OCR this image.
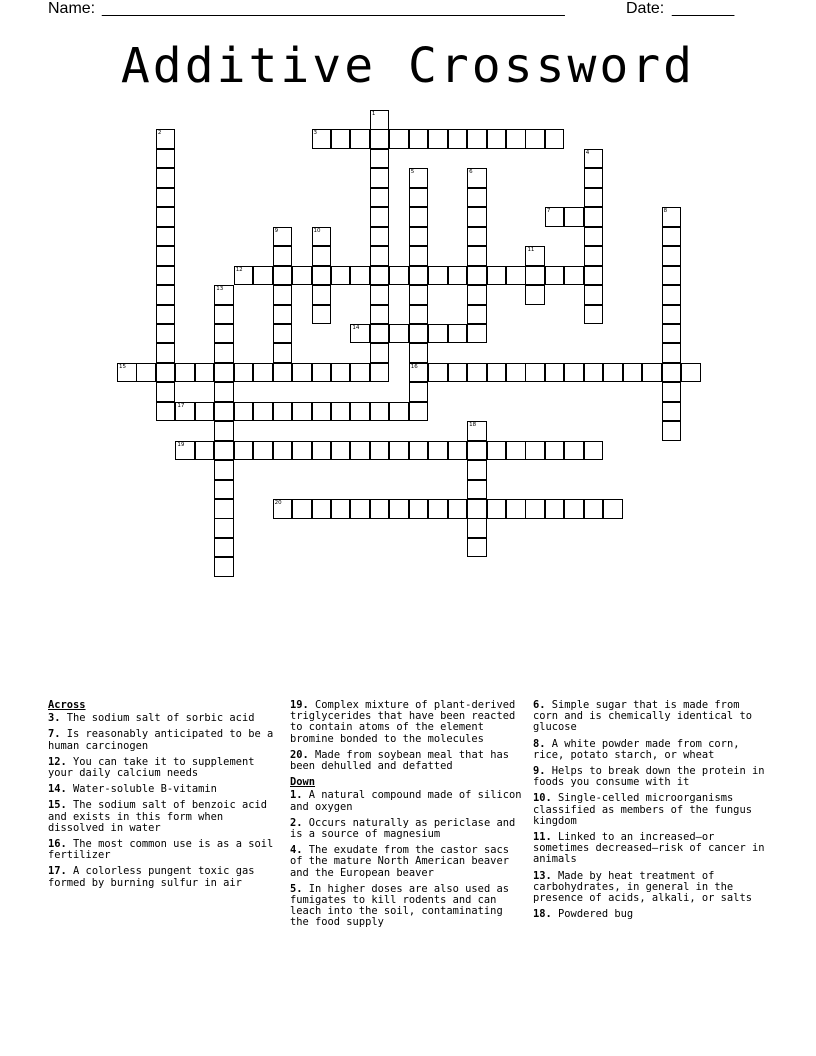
Name: ____________________________________________________	Date: _______
Additive Crossword
1
2	3
4
5
16
6
7	8
9	10
11
12
13
14
15
17
18
19
20
Across
3. The sodium salt of sorbic acid
7. Is reasonably anticipated to be a human carcinogen
12. You can take it to supplement your daily calcium needs
14. Water-soluble B-vitamin
15. The sodium salt of benzoic acid and exists in this form when dissolved in water
16. The most common use is as a soil fertilizer
17. A colorless pungent toxic gas formed by burning sulfur in air
19. Complex mixture of plant-derived triglycerides that have been reacted to contain atoms of the element bromine bonded to the molecules
20. Made from soybean meal that has been dehulled and defatted
Down
1. A natural compound made of silicon and oxygen
2. Occurs naturally as periclase and is a source of magnesium
4. The exudate from the castor sacs of the mature North American beaver and the European beaver
5. In higher doses are also used as fumigates to kill rodents and can leach into the soil, contaminating the food supply
6. Simple sugar that is made from corn and is chemically identical to glucose
8. A white powder made from corn, rice, potato starch, or wheat
9. Helps to break down the protein in foods you consume with it
10. Single-celled microorganisms classified as members of the fungus kingdom
11. Linked to an increased—or sometimes decreased—risk of cancer in animals
13. Made by heat treatment of carbohydrates, in general in the presence of acids, alkali, or salts
18. Powdered bug
